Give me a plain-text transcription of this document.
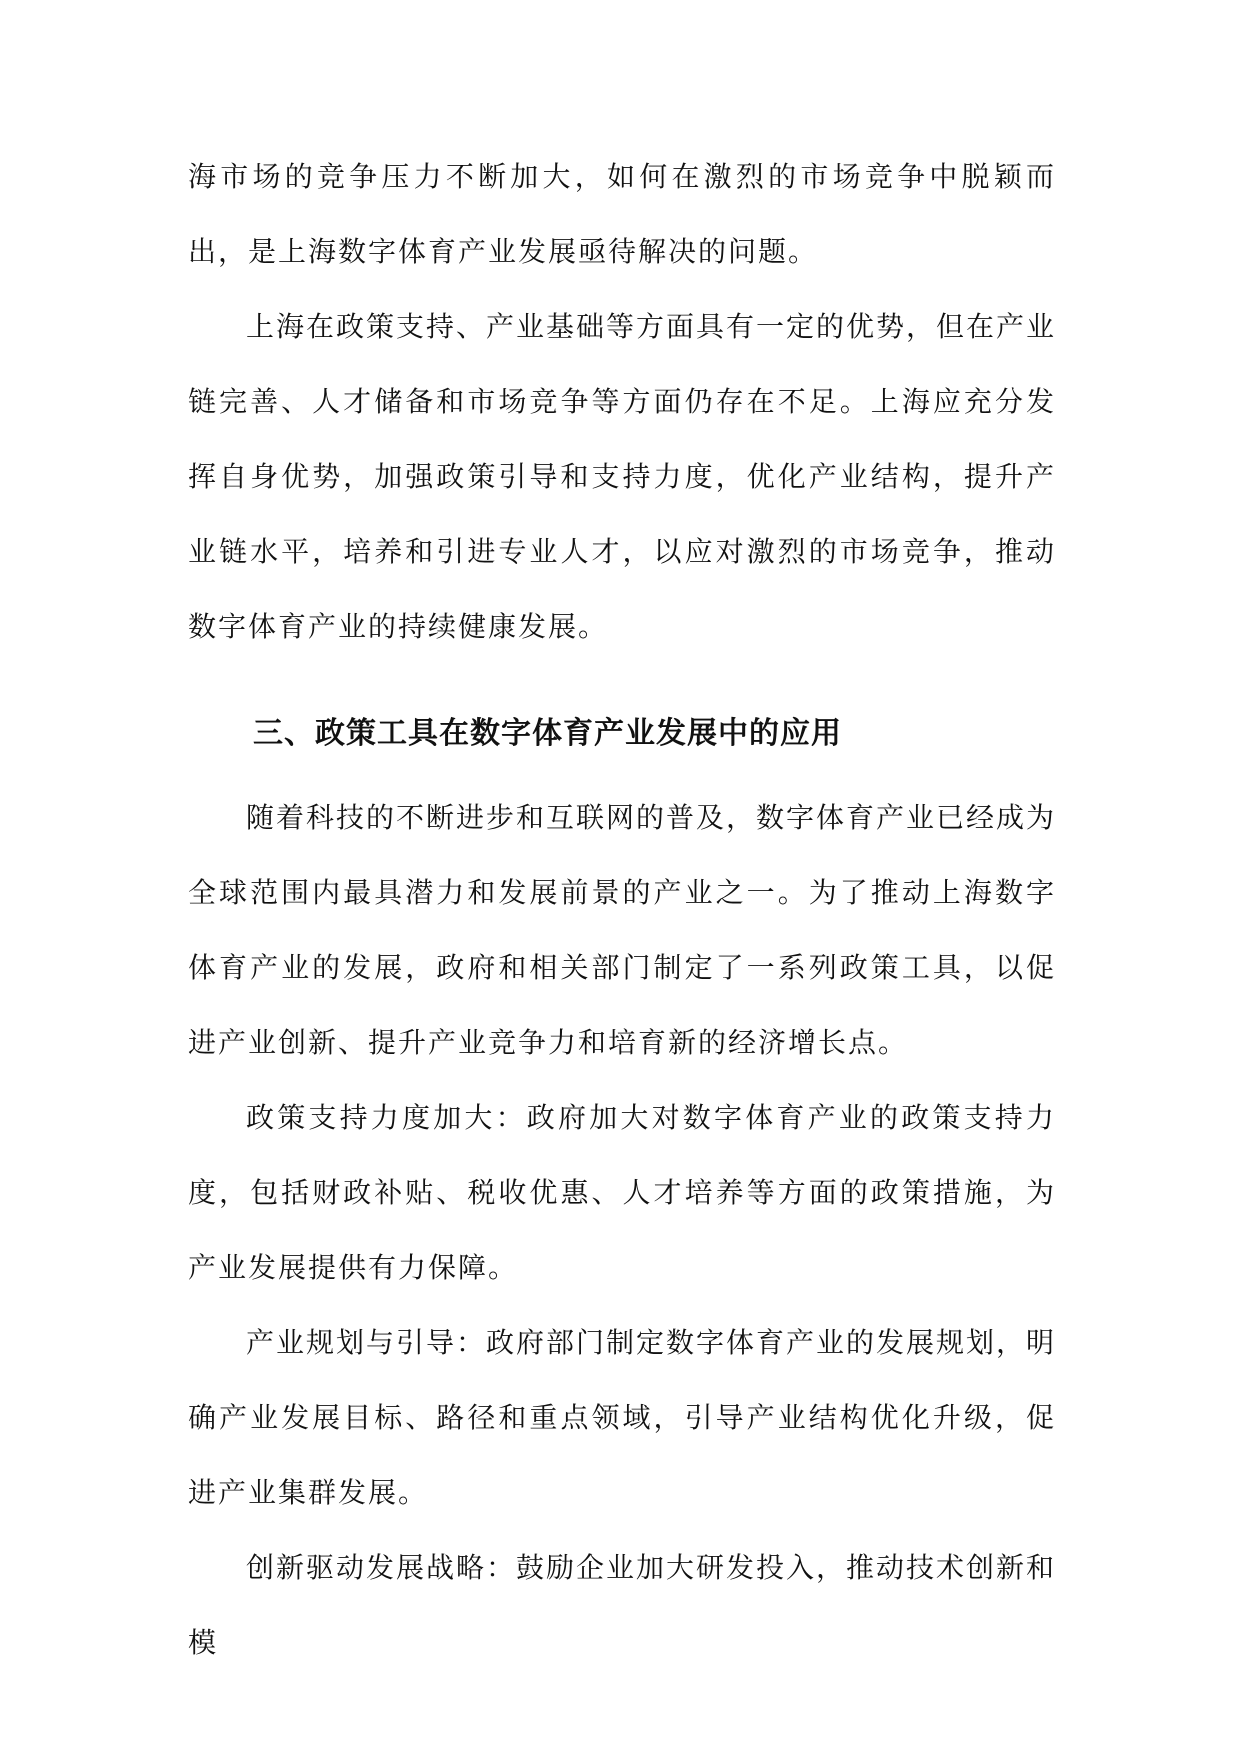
海市场的竞争压力不断加大，如何在激烈的市场竞争中脱颖而出，是上海数字体育产业发展亟待解决的问题。

上海在政策支持、产业基础等方面具有一定的优势，但在产业链完善、人才储备和市场竞争等方面仍存在不足。上海应充分发挥自身优势，加强政策引导和支持力度，优化产业结构，提升产业链水平，培养和引进专业人才，以应对激烈的市场竞争，推动数字体育产业的持续健康发展。

三、政策工具在数字体育产业发展中的应用

随着科技的不断进步和互联网的普及，数字体育产业已经成为全球范围内最具潜力和发展前景的产业之一。为了推动上海数字体育产业的发展，政府和相关部门制定了一系列政策工具，以促进产业创新、提升产业竞争力和培育新的经济增长点。

政策支持力度加大：政府加大对数字体育产业的政策支持力度，包括财政补贴、税收优惠、人才培养等方面的政策措施，为产业发展提供有力保障。

产业规划与引导：政府部门制定数字体育产业的发展规划，明确产业发展目标、路径和重点领域，引导产业结构优化升级，促进产业集群发展。

创新驱动发展战略：鼓励企业加大研发投入，推动技术创新和模
